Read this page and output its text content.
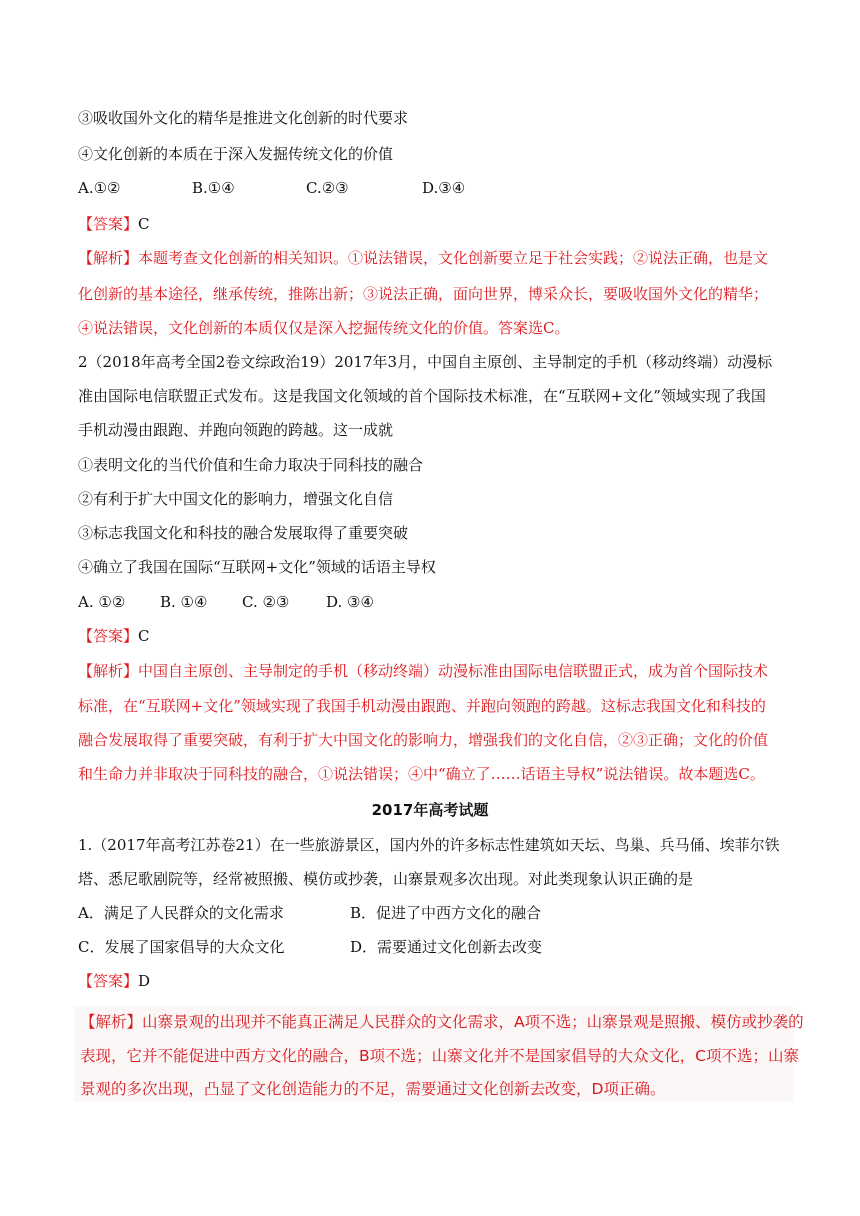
③吸收国外文化的精华是推进文化创新的时代要求
④文化创新的本质在于深入发掘传统文化的价值
A.①②	B.①④	C.②③	D.③④
【答案】C
【解析】本题考查文化创新的相关知识。①说法错误，文化创新要立足于社会实践；②说法正确，也是文
化创新的基本途径，继承传统，推陈出新；③说法正确，面向世界，博采众长，要吸收国外文化的精华；
④说法错误，文化创新的本质仅仅是深入挖掘传统文化的价值。答案选C。
2（2018年高考全国2卷文综政治19）2017年3月，中国自主原创、主导制定的手机（移动终端）动漫标
准由国际电信联盟正式发布。这是我国文化领域的首个国际技术标准，在“互联网+文化”领域实现了我国
手机动漫由跟跑、并跑向领跑的跨越。这一成就
①表明文化的当代价值和生命力取决于同科技的融合
②有利于扩大中国文化的影响力，增强文化自信
③标志我国文化和科技的融合发展取得了重要突破
④确立了我国在国际“互联网+文化”领域的话语主导权
A. ①②	B. ①④	C. ②③	D. ③④
【答案】C
【解析】中国自主原创、主导制定的手机（移动终端）动漫标准由国际电信联盟正式，成为首个国际技术
标准，在“互联网+文化”领域实现了我国手机动漫由跟跑、并跑向领跑的跨越。这标志我国文化和科技的
融合发展取得了重要突破，有利于扩大中国文化的影响力，增强我们的文化自信，②③正确；文化的价值
和生命力并非取决于同科技的融合，①说法错误；④中“确立了……话语主导权”说法错误。故本题选C。
2017年高考试题
1.（2017年高考江苏卷21）在一些旅游景区，国内外的许多标志性建筑如天坛、鸟巢、兵马俑、埃菲尔铁
塔、悉尼歌剧院等，经常被照搬、模仿或抄袭，山寨景观多次出现。对此类现象认识正确的是
A．满足了人民群众的文化需求	B．促进了中西方文化的融合
C．发展了国家倡导的大众文化	D．需要通过文化创新去改变
【答案】D
【解析】山寨景观的出现并不能真正满足人民群众的文化需求，A项不选；山寨景观是照搬、模仿或抄袭的
表现，它并不能促进中西方文化的融合，B项不选；山寨文化并不是国家倡导的大众文化，C项不选；山寨
景观的多次出现，凸显了文化创造能力的不足，需要通过文化创新去改变，D项正确。
